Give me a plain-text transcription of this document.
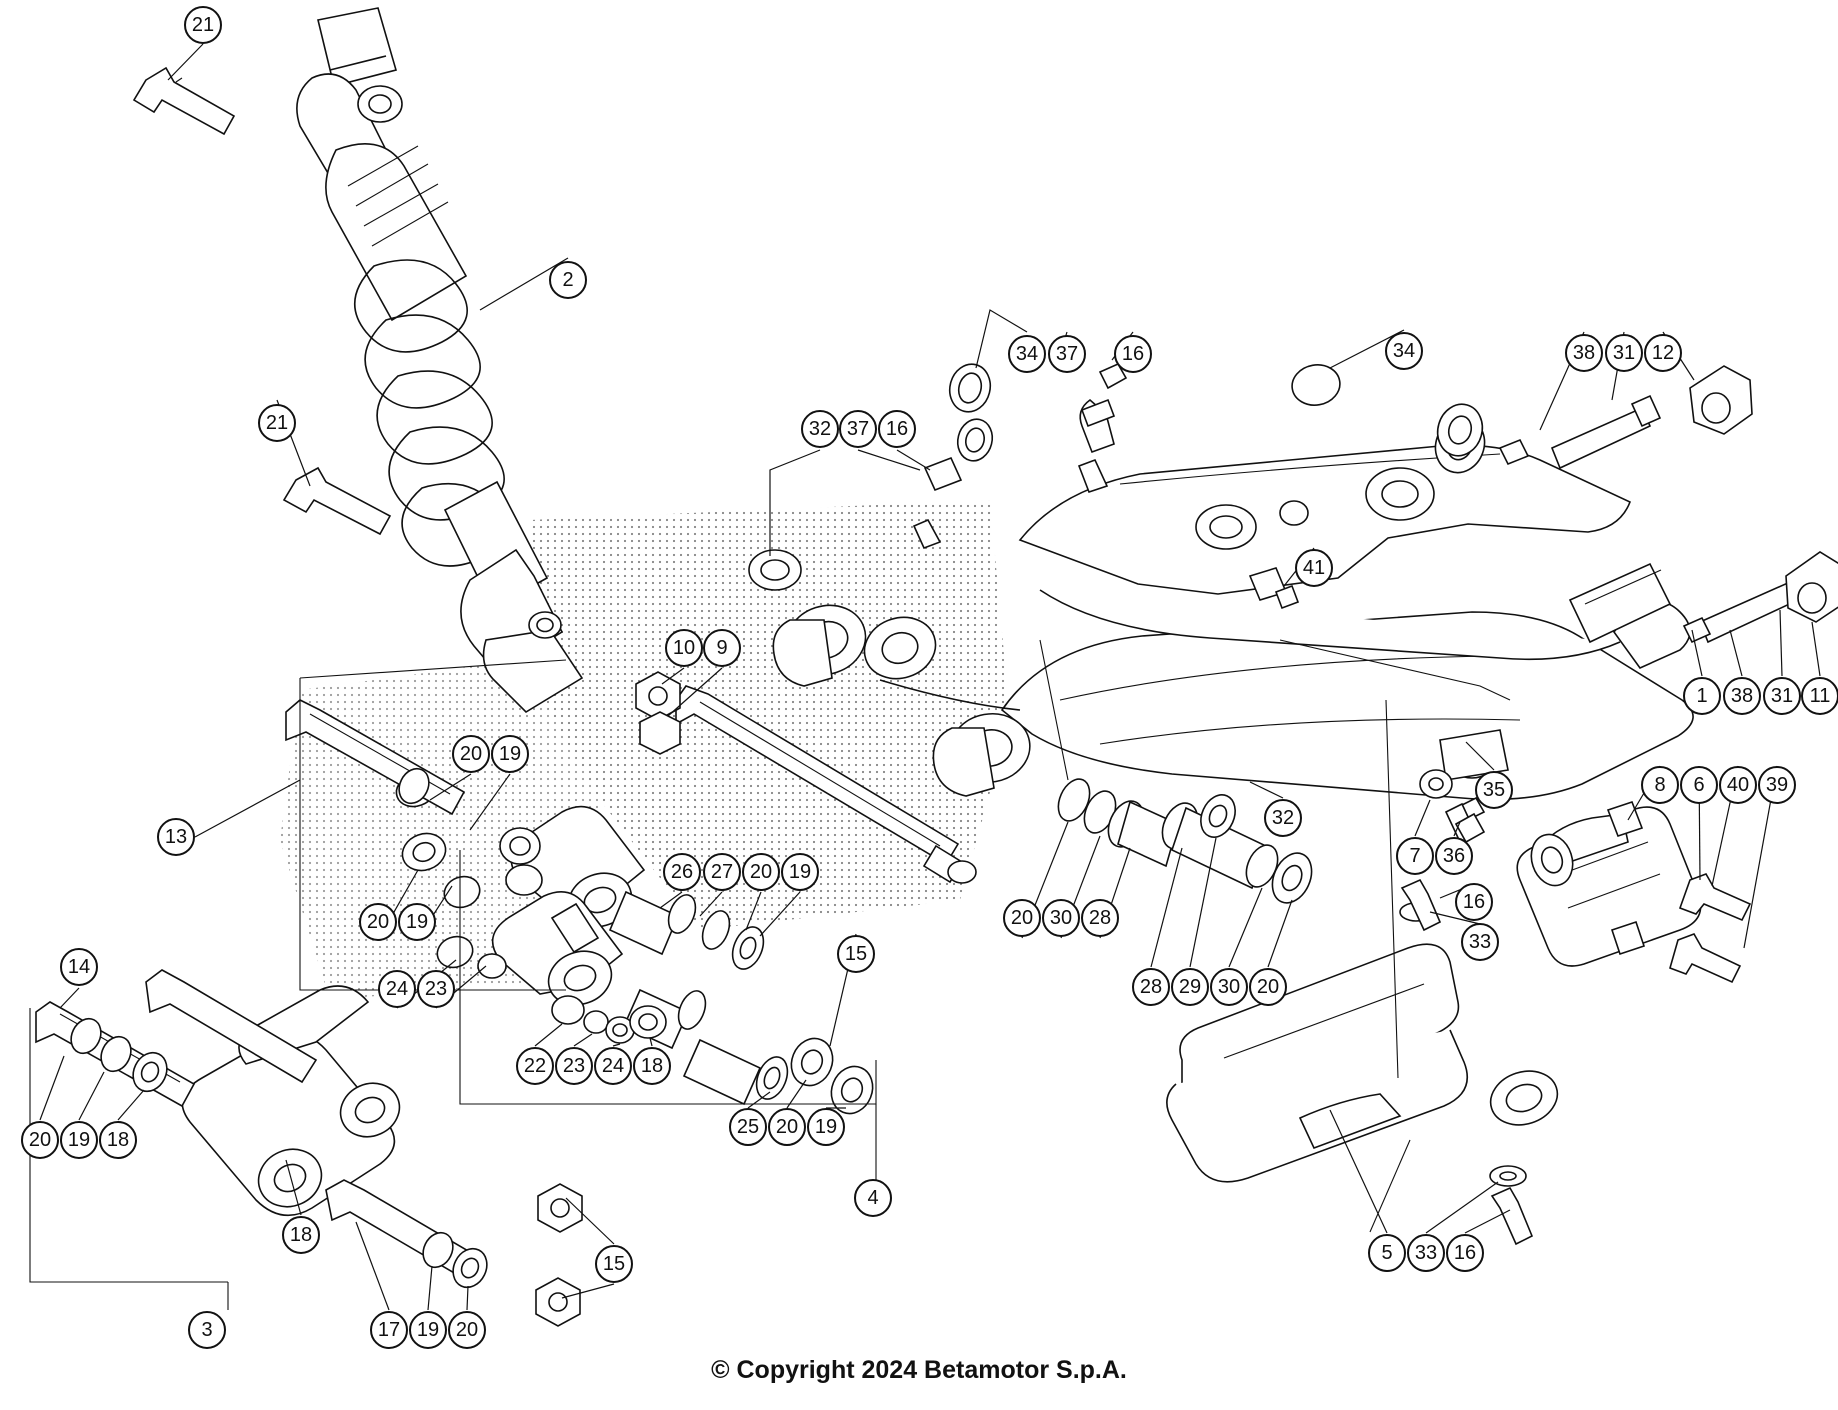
21
2
21
34 37	16	34	38 31 12
32 37 16
41
1	38 31 11
10	9
20 19
13
20 19
26 27 20 19
15
24 23
22 23 24 18
25 20 19
4
14
20 19 18
18
15
3	17 19 20
32
20 30 28
28 29 30 20
35
7	36
16
33
8	6	40 39
5	33 16
© Copyright 2024 Betamotor S.p.A.
